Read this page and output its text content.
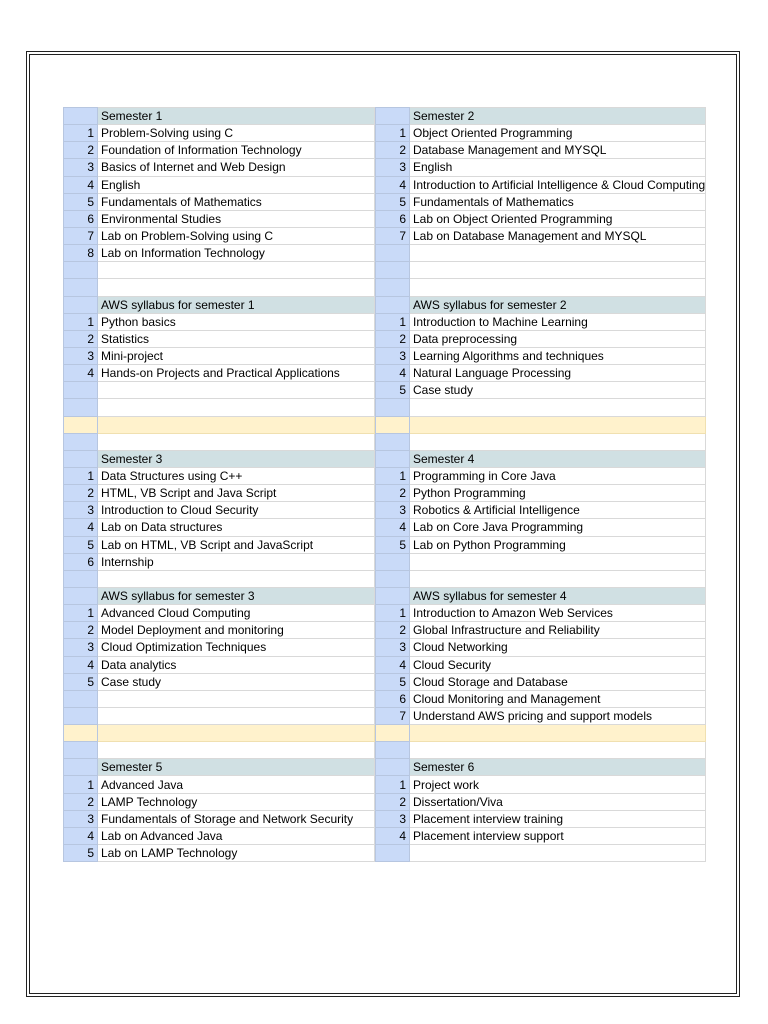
	Semester 1			Semester 2
1	Problem-Solving using C		1	Object Oriented Programming
2	Foundation of Information Technology		2	Database Management and MYSQL
3	Basics of Internet and Web Design		3	English
4	English		4	Introduction to Artificial Intelligence & Cloud Computing
5	Fundamentals of Mathematics		5	Fundamentals of Mathematics
6	Environmental Studies		6	Lab on Object Oriented Programming
7	Lab on Problem-Solving using C		7	Lab on Database Management and MYSQL
8	Lab on Information Technology			

	AWS syllabus for semester 1			AWS syllabus for semester 2
1	Python basics		1	Introduction to Machine Learning
2	Statistics		2	Data preprocessing
3	Mini-project		3	Learning Algorithms and techniques
4	Hands-on Projects and Practical Applications		4	Natural Language Processing
			5	Case study

	Semester 3			Semester 4
1	Data Structures using C++		1	Programming in Core Java
2	HTML, VB Script and Java Script		2	Python Programming
3	Introduction to Cloud Security		3	Robotics & Artificial Intelligence
4	Lab on Data structures		4	Lab on Core Java Programming
5	Lab on HTML, VB Script and JavaScript		5	Lab on Python Programming
6	Internship			

	AWS syllabus for semester 3			AWS syllabus for semester 4
1	Advanced Cloud Computing		1	Introduction to Amazon Web Services
2	Model Deployment and monitoring		2	Global Infrastructure and Reliability
3	Cloud Optimization Techniques		3	Cloud Networking
4	Data analytics		4	Cloud Security
5	Case study		5	Cloud Storage and Database
			6	Cloud Monitoring and Management
			7	Understand AWS pricing and support models

	Semester 5			Semester 6
1	Advanced Java		1	Project work
2	LAMP Technology		2	Dissertation/Viva
3	Fundamentals of Storage and Network Security		3	Placement interview training
4	Lab on Advanced Java		4	Placement interview support
5	Lab on LAMP Technology			
